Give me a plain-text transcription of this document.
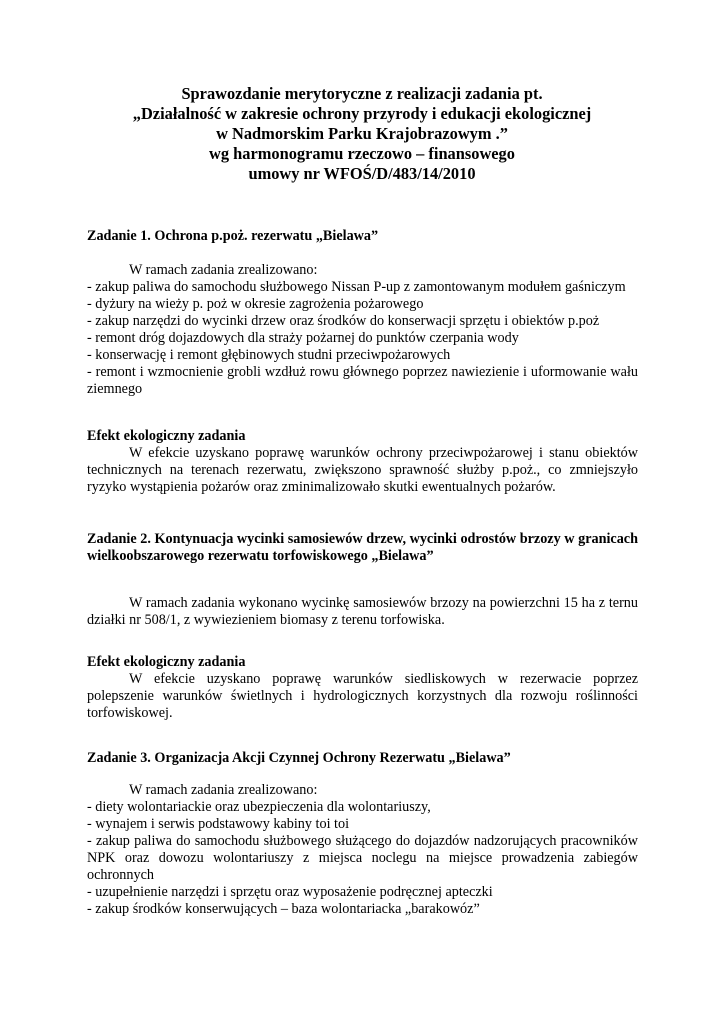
Sprawozdanie merytoryczne z realizacji zadania pt.
„Działalność w zakresie ochrony przyrody i edukacji ekologicznej
w Nadmorskim Parku Krajobrazowym .”
wg harmonogramu rzeczowo – finansowego
umowy nr WFOŚ/D/483/14/2010

Zadanie 1. Ochrona p.poż. rezerwatu „Bielawa”

W ramach zadania zrealizowano:

- zakup paliwa do samochodu służbowego Nissan P-up z zamontowanym modułem gaśniczym

- dyżury na wieży p. poż w okresie zagrożenia pożarowego

- zakup narzędzi do wycinki drzew oraz środków do konserwacji sprzętu i obiektów p.poż

- remont dróg dojazdowych dla straży pożarnej do punktów czerpania wody

- konserwację i remont głębinowych studni przeciwpożarowych

- remont i wzmocnienie grobli wzdłuż rowu głównego poprzez nawiezienie i uformowanie wału ziemnego

Efekt ekologiczny zadania

W efekcie uzyskano poprawę warunków ochrony przeciwpożarowej i stanu obiektów technicznych na terenach rezerwatu, zwiększono sprawność służby p.poż., co zmniejszyło ryzyko wystąpienia pożarów oraz zminimalizowało skutki ewentualnych pożarów.

Zadanie 2. Kontynuacja wycinki samosiewów drzew, wycinki odrostów brzozy w granicach wielkoobszarowego rezerwatu torfowiskowego „Bielawa”

W ramach zadania wykonano wycinkę samosiewów brzozy na powierzchni 15 ha z ternu działki nr 508/1, z wywiezieniem biomasy z terenu torfowiska.

Efekt ekologiczny zadania

W efekcie uzyskano poprawę warunków siedliskowych w rezerwacie poprzez polepszenie warunków świetlnych i hydrologicznych korzystnych dla rozwoju roślinności torfowiskowej.

Zadanie 3. Organizacja Akcji Czynnej Ochrony Rezerwatu „Bielawa”

W ramach zadania zrealizowano:

- diety wolontariackie oraz ubezpieczenia dla wolontariuszy,

- wynajem i serwis podstawowy kabiny toi toi

- zakup paliwa do samochodu służbowego służącego do dojazdów nadzorujących pracowników NPK oraz dowozu wolontariuszy z miejsca noclegu na miejsce prowadzenia zabiegów ochronnych

- uzupełnienie narzędzi i sprzętu oraz wyposażenie podręcznej apteczki

- zakup środków konserwujących – baza wolontariacka „barakowóz”
